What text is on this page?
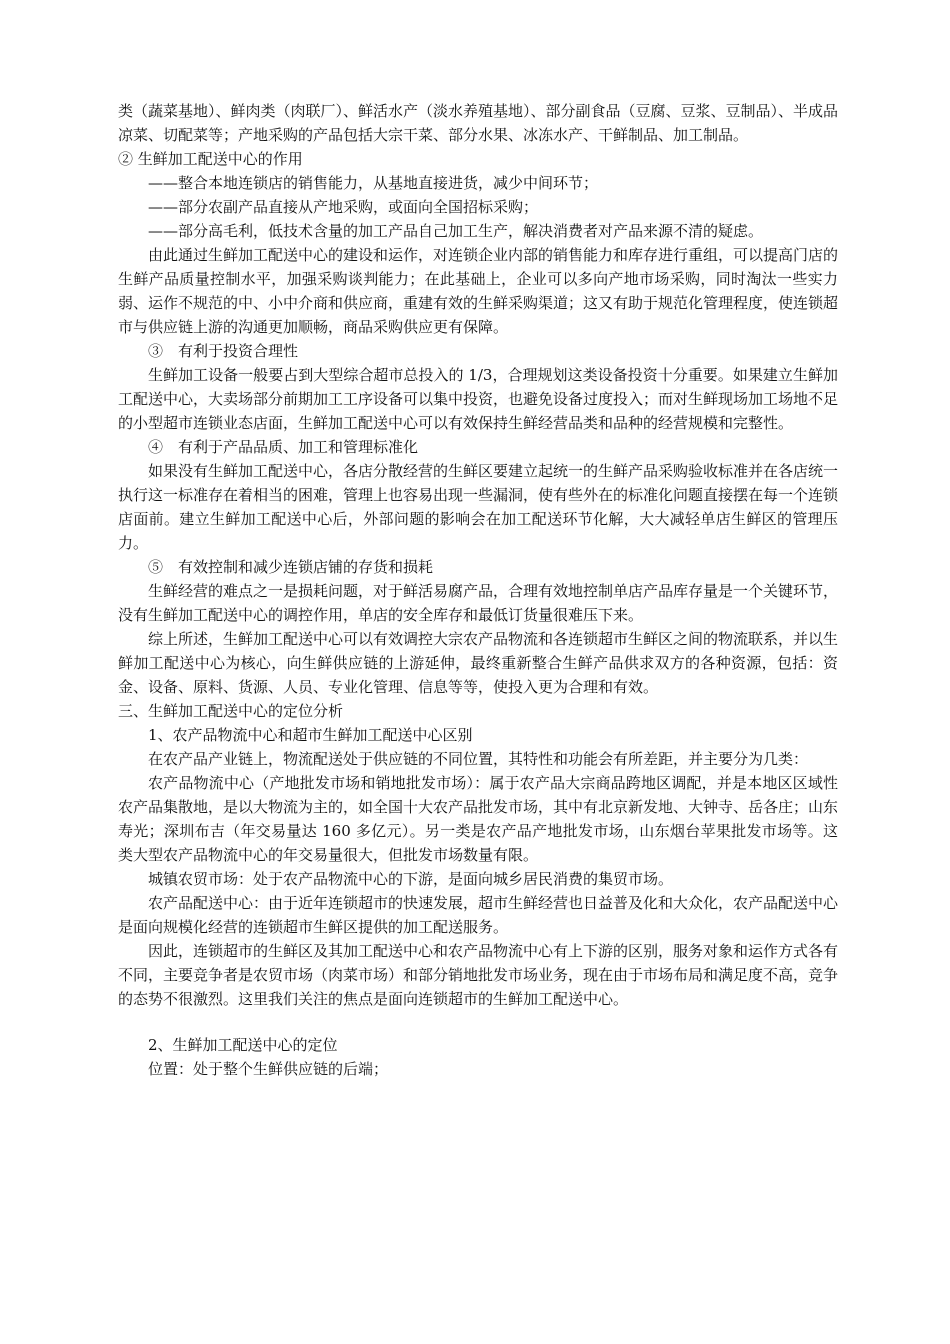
类（蔬菜基地）、鲜肉类（肉联厂）、鲜活水产（淡水养殖基地）、部分副食品（豆腐、豆浆、豆制品）、半成品凉菜、切配菜等；产地采购的产品包括大宗干菜、部分水果、冰冻水产、干鲜制品、加工制品。

② 生鲜加工配送中心的作用

——整合本地连锁店的销售能力，从基地直接进货，减少中间环节；

——部分农副产品直接从产地采购，或面向全国招标采购；

——部分高毛利，低技术含量的加工产品自己加工生产，解决消费者对产品来源不清的疑虑。

由此通过生鲜加工配送中心的建设和运作，对连锁企业内部的销售能力和库存进行重组，可以提高门店的生鲜产品质量控制水平，加强采购谈判能力；在此基础上，企业可以多向产地市场采购，同时淘汰一些实力弱、运作不规范的中、小中介商和供应商，重建有效的生鲜采购渠道；这又有助于规范化管理程度，使连锁超市与供应链上游的沟通更加顺畅，商品采购供应更有保障。

③　有利于投资合理性

生鲜加工设备一般要占到大型综合超市总投入的 1/3，合理规划这类设备投资十分重要。如果建立生鲜加工配送中心，大卖场部分前期加工工序设备可以集中投资，也避免设备过度投入；而对生鲜现场加工场地不足的小型超市连锁业态店面，生鲜加工配送中心可以有效保持生鲜经营品类和品种的经营规模和完整性。

④　有利于产品品质、加工和管理标准化

如果没有生鲜加工配送中心，各店分散经营的生鲜区要建立起统一的生鲜产品采购验收标准并在各店统一执行这一标准存在着相当的困难，管理上也容易出现一些漏洞，使有些外在的标准化问题直接摆在每一个连锁店面前。建立生鲜加工配送中心后，外部问题的影响会在加工配送环节化解，大大减轻单店生鲜区的管理压力。

⑤　有效控制和减少连锁店铺的存货和损耗

生鲜经营的难点之一是损耗问题，对于鲜活易腐产品，合理有效地控制单店产品库存量是一个关键环节，没有生鲜加工配送中心的调控作用，单店的安全库存和最低订货量很难压下来。

综上所述，生鲜加工配送中心可以有效调控大宗农产品物流和各连锁超市生鲜区之间的物流联系，并以生鲜加工配送中心为核心，向生鲜供应链的上游延伸，最终重新整合生鲜产品供求双方的各种资源，包括：资金、设备、原料、货源、人员、专业化管理、信息等等，使投入更为合理和有效。

三、生鲜加工配送中心的定位分析

1、农产品物流中心和超市生鲜加工配送中心区别

在农产品产业链上，物流配送处于供应链的不同位置，其特性和功能会有所差距，并主要分为几类：

农产品物流中心（产地批发市场和销地批发市场）：属于农产品大宗商品跨地区调配，并是本地区区域性农产品集散地，是以大物流为主的，如全国十大农产品批发市场，其中有北京新发地、大钟寺、岳各庄；山东寿光；深圳布吉（年交易量达 160 多亿元）。另一类是农产品产地批发市场，山东烟台苹果批发市场等。这类大型农产品物流中心的年交易量很大，但批发市场数量有限。

城镇农贸市场：处于农产品物流中心的下游，是面向城乡居民消费的集贸市场。

农产品配送中心：由于近年连锁超市的快速发展，超市生鲜经营也日益普及化和大众化，农产品配送中心是面向规模化经营的连锁超市生鲜区提供的加工配送服务。

因此，连锁超市的生鲜区及其加工配送中心和农产品物流中心有上下游的区别，服务对象和运作方式各有不同，主要竞争者是农贸市场（肉菜市场）和部分销地批发市场业务，现在由于市场布局和满足度不高，竞争的态势不很激烈。这里我们关注的焦点是面向连锁超市的生鲜加工配送中心。

2、生鲜加工配送中心的定位

位置：处于整个生鲜供应链的后端；
